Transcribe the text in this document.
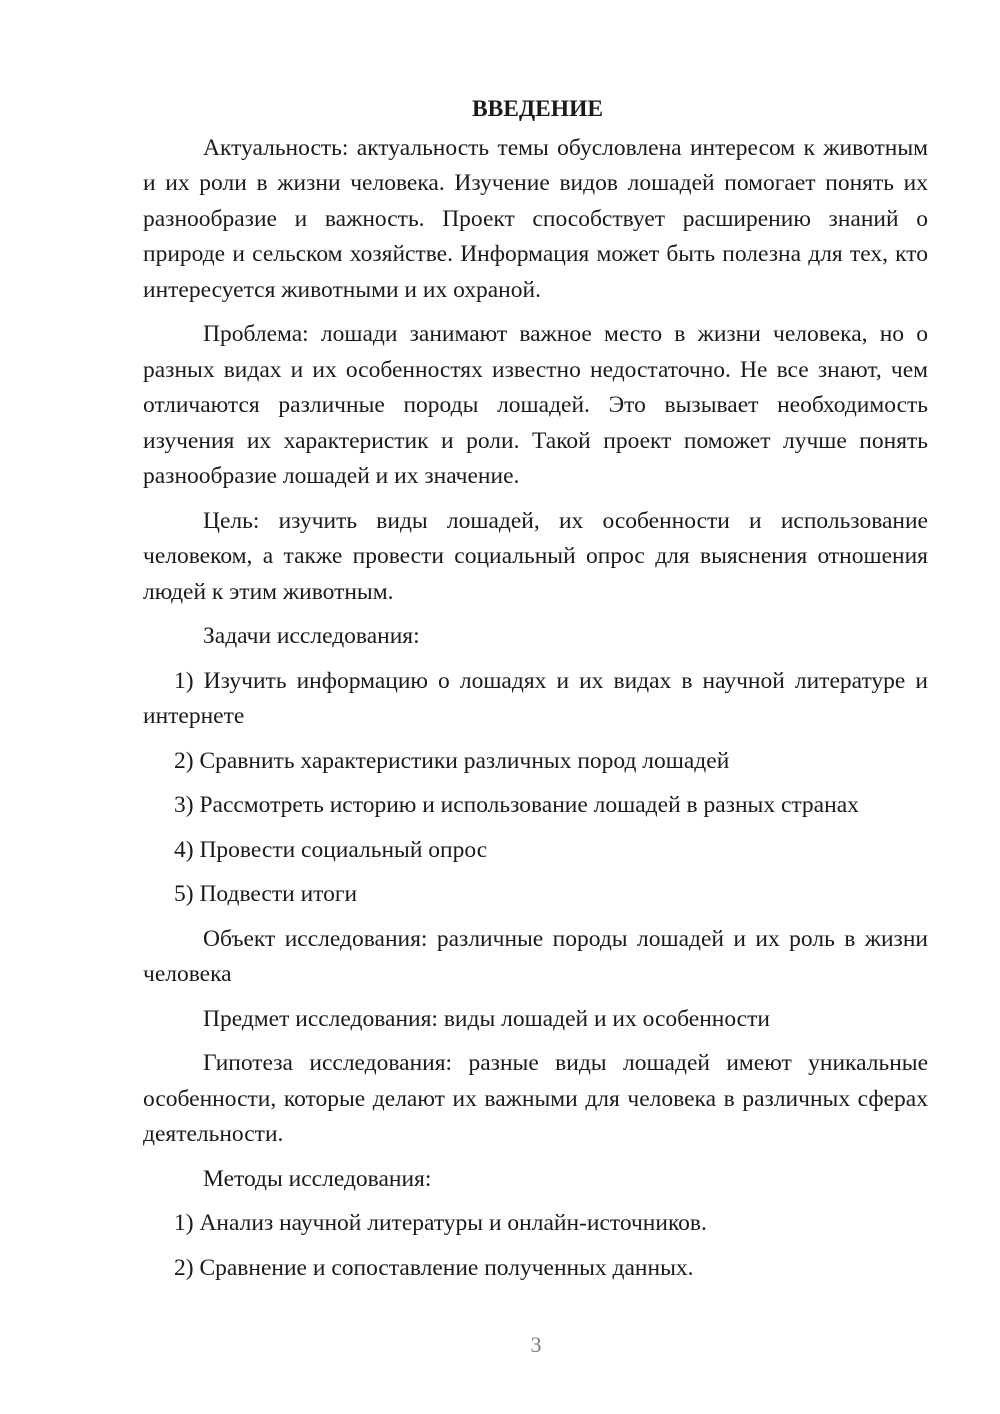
ВВЕДЕНИЕ

Актуальность: актуальность темы обусловлена интересом к животным и их роли в жизни человека. Изучение видов лошадей помогает понять их разнообразие и важность. Проект способствует расширению знаний о природе и сельском хозяйстве. Информация может быть полезна для тех, кто интересуется животными и их охраной.

Проблема: лошади занимают важное место в жизни человека, но о разных видах и их особенностях известно недостаточно. Не все знают, чем отличаются различные породы лошадей. Это вызывает необходимость изучения их характеристик и роли. Такой проект поможет лучше понять разнообразие лошадей и их значение.

Цель: изучить виды лошадей, их особенности и использование человеком, а также провести социальный опрос для выяснения отношения людей к этим животным.

Задачи исследования:

1) Изучить информацию о лошадях и их видах в научной литературе и интернете

2) Сравнить характеристики различных пород лошадей

3) Рассмотреть историю и использование лошадей в разных странах

4) Провести социальный опрос

5) Подвести итоги

Объект исследования: различные породы лошадей и их роль в жизни человека

Предмет исследования: виды лошадей и их особенности

Гипотеза исследования: разные виды лошадей имеют уникальные особенности, которые делают их важными для человека в различных сферах деятельности.

Методы исследования:

1) Анализ научной литературы и онлайн-источников.

2) Сравнение и сопоставление полученных данных.

3
